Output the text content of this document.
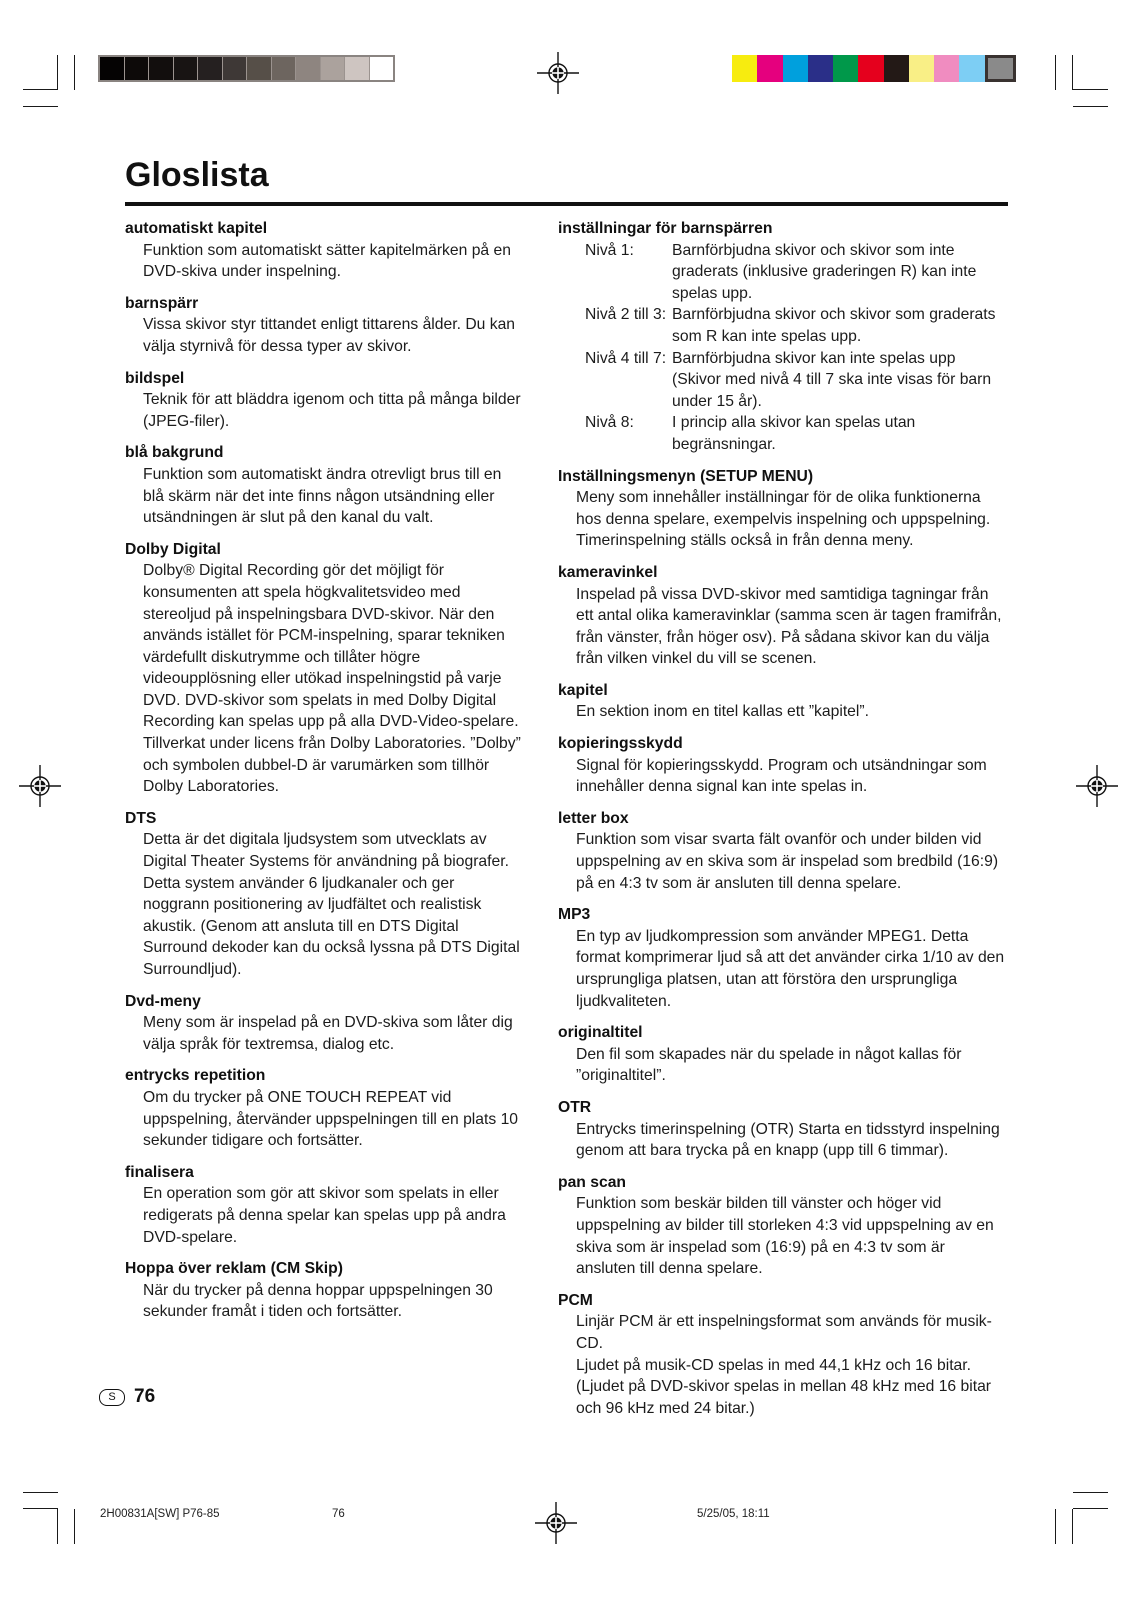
Gloslista
automatiskt kapitel

Funktion som automatiskt sätter kapitelmärken på en DVD-skiva under inspelning.

barnspärr

Vissa skivor styr tittandet enligt tittarens ålder. Du kan välja styrnivå för dessa typer av skivor.

bildspel

Teknik för att bläddra igenom och titta på många bilder (JPEG-filer).

blå bakgrund

Funktion som automatiskt ändra otrevligt brus till en blå skärm när det inte finns någon utsändning eller utsändningen är slut på den kanal du valt.

Dolby Digital

Dolby® Digital Recording gör det möjligt för konsumenten att spela högkvalitetsvideo med stereoljud på inspelningsbara DVD-skivor. När den används istället för PCM-inspelning, sparar tekniken värdefullt diskutrymme och tillåter högre videoupplösning eller utökad inspelningstid på varje DVD. DVD-skivor som spelats in med Dolby Digital Recording kan spelas upp på alla DVD-Video-spelare.

Tillverkat under licens från Dolby Laboratories. ”Dolby” och symbolen dubbel-D är varumärken som tillhör Dolby Laboratories.

DTS

Detta är det digitala ljudsystem som utvecklats av Digital Theater Systems för användning på biografer. Detta system använder 6 ljudkanaler och ger noggrann positionering av ljudfältet och realistisk akustik. (Genom att ansluta till en DTS Digital Surround dekoder kan du också lyssna på DTS Digital Surroundljud).

Dvd-meny

Meny som är inspelad på en DVD-skiva som låter dig välja språk för textremsa, dialog etc.

entrycks repetition

Om du trycker på ONE TOUCH REPEAT vid uppspelning, återvänder uppspelningen till en plats 10 sekunder tidigare och fortsätter.

finalisera

En operation som gör att skivor som spelats in eller redigerats på denna spelar kan spelas upp på andra DVD-spelare.

Hoppa över reklam (CM Skip)

När du trycker på denna hoppar uppspelningen 30 sekunder framåt i tiden och fortsätter.

inställningar för barnspärren
Nivå 1:	Barnförbjudna skivor och skivor som inte graderats (inklusive graderingen R) kan inte spelas upp.
Nivå 2 till 3: Barnförbjudna skivor och skivor som graderats som R kan inte spelas upp.
Nivå 4 till 7: Barnförbjudna skivor kan inte spelas upp (Skivor med nivå 4 till 7 ska inte visas för barn under 15 år).
Nivå 8:	I princip alla skivor kan spelas utan begränsningar.
Inställningsmenyn (SETUP MENU)

Meny som innehåller inställningar för de olika funktionerna hos denna spelare, exempelvis inspelning och uppspelning. Timerinspelning ställs också in från denna meny.

kameravinkel

Inspelad på vissa DVD-skivor med samtidiga tagningar från ett antal olika kameravinklar (samma scen är tagen framifrån, från vänster, från höger osv). På sådana skivor kan du välja från vilken vinkel du vill se scenen.

kapitel

En sektion inom en titel kallas ett ”kapitel”.

kopieringsskydd

Signal för kopieringsskydd. Program och utsändningar som innehåller denna signal kan inte spelas in.

letter box

Funktion som visar svarta fält ovanför och under bilden vid uppspelning av en skiva som är inspelad som bredbild (16:9) på en 4:3 tv som är ansluten till denna spelare.

MP3

En typ av ljudkompression som använder MPEG1. Detta format komprimerar ljud så att det använder cirka 1/10 av den ursprungliga platsen, utan att förstöra den ursprungliga ljudkvaliteten.

originaltitel

Den fil som skapades när du spelade in något kallas för ”originaltitel”.

OTR

Entrycks timerinspelning (OTR) Starta en tidsstyrd inspelning genom att bara trycka på en knapp (upp till 6 timmar).

pan scan

Funktion som beskär bilden till vänster och höger vid uppspelning av bilder till storleken 4:3 vid uppspelning av en skiva som är inspelad som (16:9) på en 4:3 tv som är ansluten till denna spelare.

PCM

Linjär PCM är ett inspelningsformat som används för musik-CD.

Ljudet på musik-CD spelas in med 44,1 kHz och 16 bitar. (Ljudet på DVD-skivor spelas in mellan 48 kHz med 16 bitar och 96 kHz med 24 bitar.)

S 76
2H00831A[SW] P76-85	76	5/25/05, 18:11
